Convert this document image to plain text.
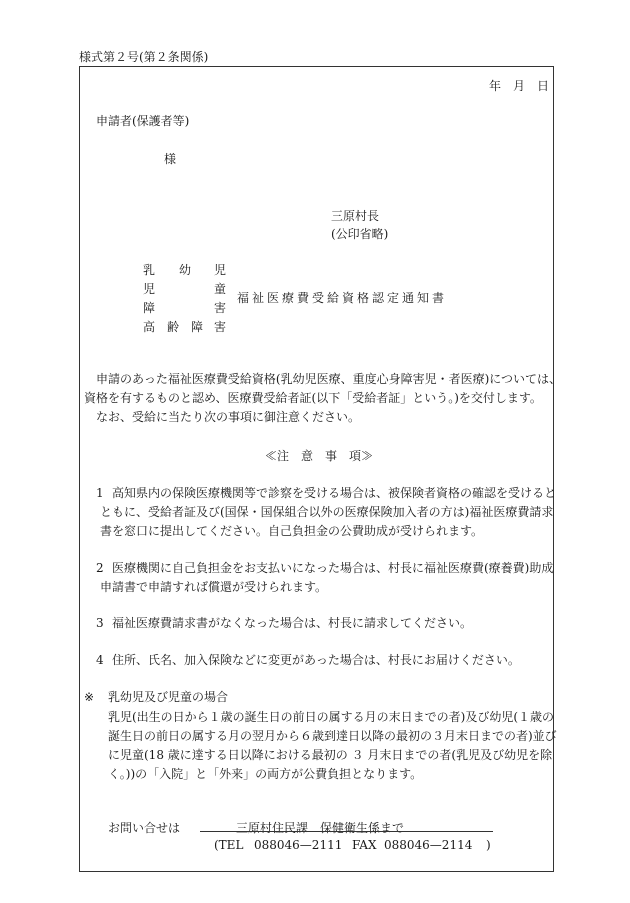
様式第２号(第２条関係)
年 月 日
申請者(保護者等)
様
三原村長
(公印省略)
乳 幼 児
児	童
障	害
高 齢 障 害
福祉医療費受給資格認定通知書
申請のあった福祉医療費受給資格(乳幼児医療、重度心身障害児・者医療)については、
資格を有するものと認め、医療費受給者証(以下「受給者証」という。)を交付します。
なお、受給に当たり次の事項に御注意ください。
≪注　意　事　項≫
1 高知県内の保険医療機関等で診察を受ける場合は、被保険者資格の確認を受けると
ともに、受給者証及び(国保・国保組合以外の医療保険加入者の方は)福祉医療費請求
書を窓口に提出してください。自己負担金の公費助成が受けられます。
2 医療機関に自己負担金をお支払いになった場合は、村長に福祉医療費(療養費)助成
申請書で申請すれば償還が受けられます。
3 福祉医療費請求書がなくなった場合は、村長に請求してください。
4 住所、氏名、加入保険などに変更があった場合は、村長にお届けください。
※ 乳幼児及び児童の場合
乳児(出生の日から１歳の誕生日の前日の属する月の末日までの者)及び幼児(１歳の
誕生日の前日の属する月の翌月から６歳到達日以降の最初の３月末日までの者)並び
に児童(18 歳に達する日以降における最初の ３ 月末日までの者(乳児及び幼児を除
く。))の「入院」と「外来」の両方が公費負担となります。
お問い合せは	三原村住民課　保健衛生係まで
(TEL 088046—2111 FAX 088046—2114 )
